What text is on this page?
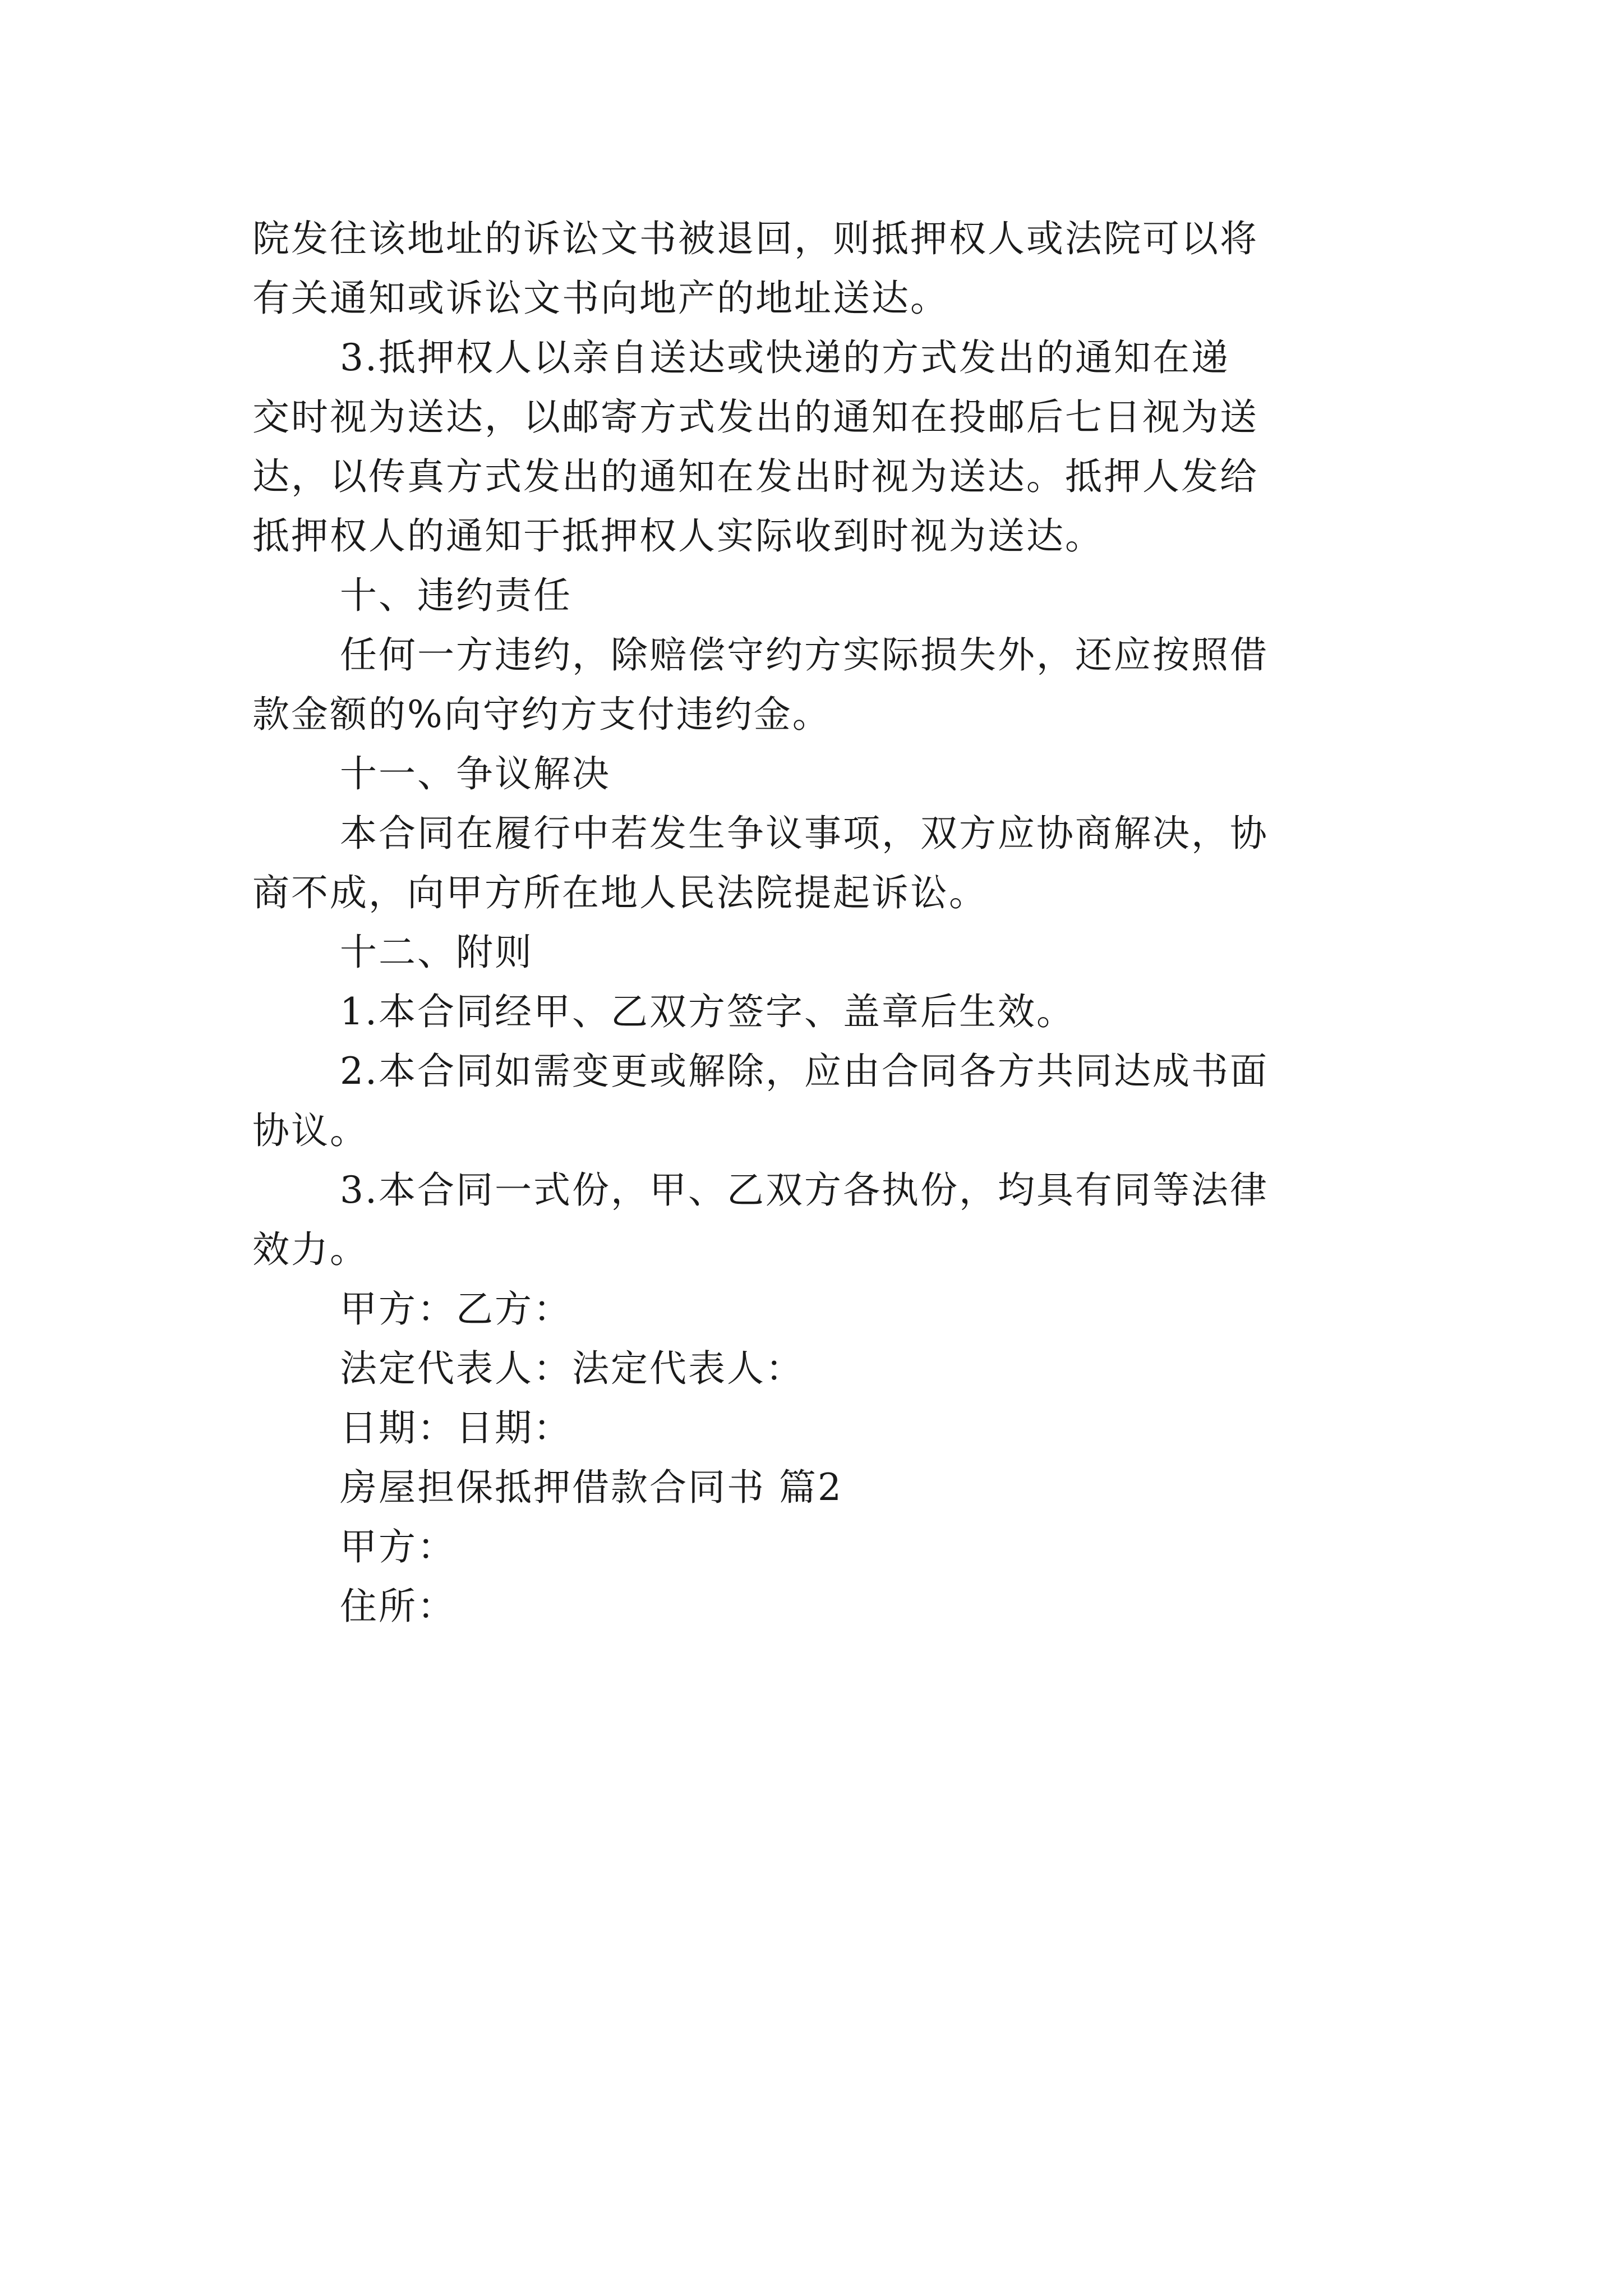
院发往该地址的诉讼文书被退回，则抵押权人或法院可以将
有关通知或诉讼文书向地产的地址送达。
3.抵押权人以亲自送达或快递的方式发出的通知在递
交时视为送达，以邮寄方式发出的通知在投邮后七日视为送
达，以传真方式发出的通知在发出时视为送达。抵押人发给
抵押权人的通知于抵押权人实际收到时视为送达。
十、违约责任
任何一方违约，除赔偿守约方实际损失外，还应按照借
款金额的%向守约方支付违约金。
十一、争议解决
本合同在履行中若发生争议事项，双方应协商解决，协
商不成，向甲方所在地人民法院提起诉讼。
十二、附则
1.本合同经甲、乙双方签字、盖章后生效。
2.本合同如需变更或解除，应由合同各方共同达成书面
协议。
3.本合同一式份，甲、乙双方各执份，均具有同等法律
效力。
甲方：乙方：
法定代表人：法定代表人：
日期：日期：
房屋担保抵押借款合同书 篇2
甲方：
住所：
